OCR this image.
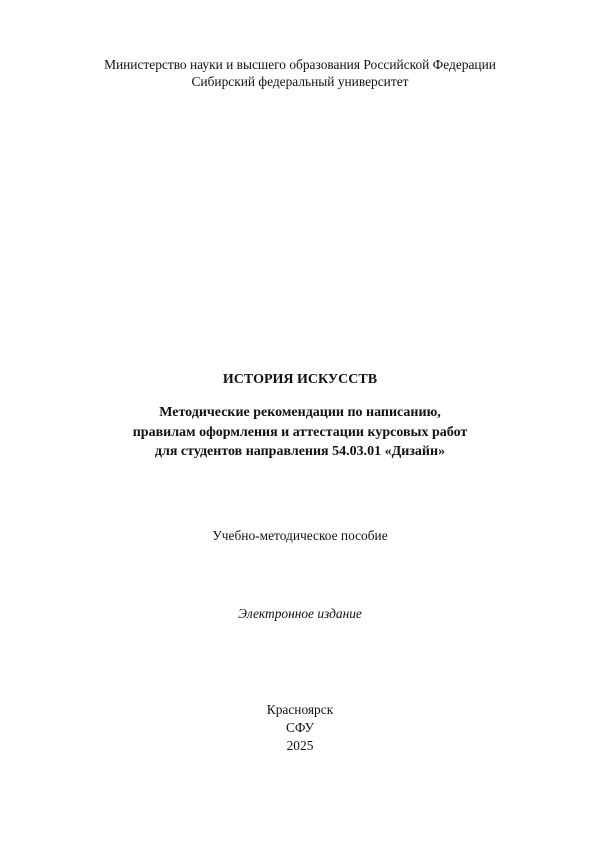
Министерство науки и высшего образования Российской Федерации
Сибирский федеральный университет
ИСТОРИЯ ИСКУССТВ
Методические рекомендации по написанию,
правилам оформления и аттестации курсовых работ
для студентов направления 54.03.01 «Дизайн»
Учебно-методическое пособие
Электронное издание
Красноярск
СФУ
2025
